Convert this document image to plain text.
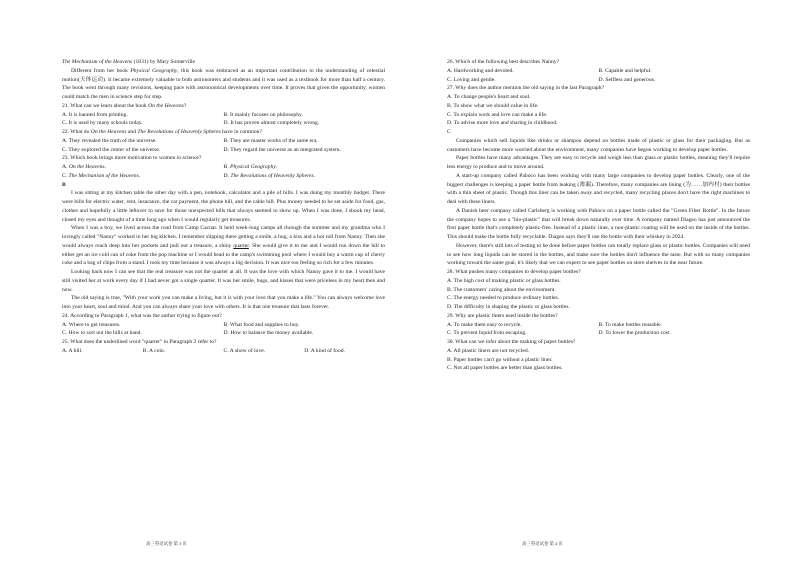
The Mechanism of the Heavens (1831) by Mary Somerville

Different from her book Physical Geography, this book was embraced as an important contribution to the understanding of celestial motion(天体运动). It became extremely valuable to both astronomers and students and it was used as a textbook for more than half a century. The book went through many revisions, keeping pace with astronomical developments over time. It proves that given the opportunity, women could match the men in science step for step.

21. What can we learn about the book On the Heavens?

A. It is banned from printing.	B. It mainly focuses on philosophy.
C. It is used by many schools today.	D. It has proven almost completely wrong.

22. What do On the Heavens and The Revolutions of Heavenly Spheres have in common?

A. They revealed the truth of the universe.	B. They are master works of the same era.
C. They explored the center of the universe.	D. They regard the universe as an integrated system.

23. Which book brings more motivation to women in science?

A. On the Heavens.	B. Physical Geography.
C. The Mechanism of the Heavens.	D. The Revolutions of Heavenly Spheres.

B

I was sitting at my kitchen table the other day with a pen, notebook, calculator and a pile of bills. I was doing my monthly budget. There were bills for electric water, rent, insurance, the car payment, the phone bill, and the cable bill. Plus money needed to be set aside for food, gas, clothes and hopefully a little leftover to save for those unexpected bills that always seemed to show up. When I was done, I shook my head, closed my eyes and thought of a time long ago when I would regularly get treasures.

When I was a boy, we lived across the road from Camp Cacnar. It held week-long camps all through the summer and my grandma who I lovingly called "Nanny" worked in her big kitchen. I remember slipping there getting a smile, a hug, a kiss and a hot roll from Nanny. Then she would always reach deep into her pockets and pull out a treasure, a shiny quarter. She would give it to me and I would run down the hill to either get an ice cold can of coke from the pop machine or I would head to the camp's swimming pool where I would buy a warm cup of cherry coke and a bag of chips from a stand. I took my time because it was always a big decision. It was nice too feeling so rich for a few minutes.

Looking back now I can see that the real treasure was not the quarter at all. It was the love with which Nanny gave it to me. I would have still visited her at work every day if I had never got a single quarter. It was her smile, hugs, and kisses that were priceless in my heart then and now.

The old saying is true, "With your work you can make a living, but it is with your love that you make a life." You can always welcome love into your heart, soul and mind. And you can always share your love with others. It is that one treasure that lasts forever.

24. According to Paragraph 1, what was the author trying to figure out?

A. Where to get treasures.	B. What food and supplies to buy.
C. How to sort out the bills at hand.	D. How to balance the money available.

25. What does the underlined word "quarter" in Paragraph 2 refer to?

A. A bill.	B. A coin.	C. A show of love.	D. A kind of food.
高三英语试卷 第 3 页

26. Which of the following best describes Nanny?

A. Hardworking and devoted.	B. Capable and helpful.
C. Loving and gentle.	D. Selfless and generous.

27. Why does the author mention the old saying in the last Paragraph?

A. To change people's heart and soul.

B. To show what we should value in life.

C. To explain work and love can make a life.

D. To advise more love and sharing in childhood.

C

Companies which sell liquids like drinks or shampoo depend on bottles made of plastic or glass for their packaging. But as customers have become more worried about the environment, many companies have begun working to develop paper bottles.

Paper bottles have many advantages. They are easy to recycle and weigh less than glass or plastic bottles, meaning they'll require less energy to produce and to move around.

A start-up company called Paboco has been working with many large companies to develop paper bottles. Clearly, one of the biggest challenges is keeping a paper bottle from leaking (渗漏). Therefore, many companies are lining (为……加内衬) their bottles with a thin sheet of plastic. Though this liner can be taken away and recycled, many recycling places don't have the right machines to deal with these liners.

A Danish beer company called Carlsberg is working with Paboco on a paper bottle called the "Green Fiber Bottle". In the future the company hopes to use a "bio-plastic" that will break down naturally over time. A company named Diageo has just announced the first paper bottle that's completely plastic-free. Instead of a plastic liner, a non-plastic coating will be used on the inside of the bottles. This should make the bottle fully recyclable. Diageo says they'll use the bottle with their whiskey in 2024.

However, there's still lots of testing to be done before paper bottles can totally replace glass or plastic bottles. Companies will need to see how long liquids can be stored in the bottles, and make sure the bottles don't influence the taste. But with so many companies working toward the same goal, it's likely that we can expect to see paper bottles on store shelves in the near future.

28. What pushes many companies to develop paper bottles?

A. The high cost of making plastic or glass bottles.

B. The customers' caring about the environment.

C. The energy needed to produce ordinary bottles.

D. The difficulty in shaping the plastic or glass bottles.

29. Why are plastic liners used inside the bottles?

A. To make them easy to recycle.	B. To make bottles reusable.
C. To prevent liquid from escaping.	D. To lower the production cost.

30. What can we infer about the making of paper bottles?

A. All plastic liners are not recycled.

B. Paper bottles can't go without a plastic liner.

C. Not all paper bottles are better than glass bottles.

高三英语试卷 第 4 页
